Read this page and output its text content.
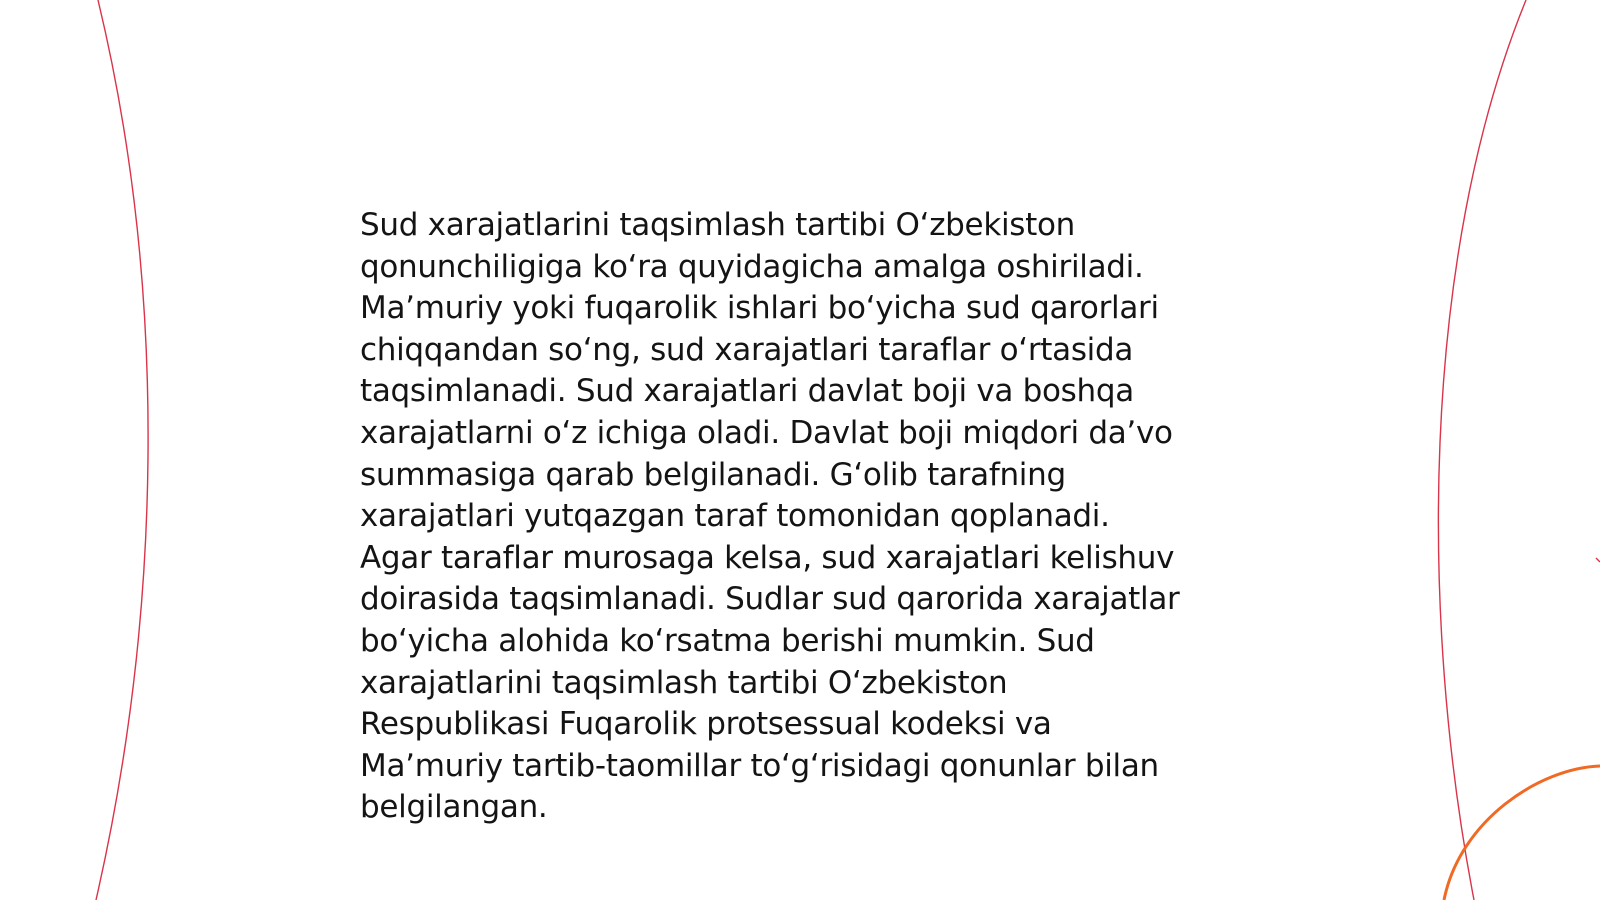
Sud xarajatlarini taqsimlash tartibi O‘zbekiston
qonunchiligiga ko‘ra quyidagicha amalga oshiriladi.
Ma’muriy yoki fuqarolik ishlari bo‘yicha sud qarorlari
chiqqandan so‘ng, sud xarajatlari taraflar o‘rtasida
taqsimlanadi. Sud xarajatlari davlat boji va boshqa
xarajatlarni o‘z ichiga oladi. Davlat boji miqdori da’vo
summasiga qarab belgilanadi. G‘olib tarafning
xarajatlari yutqazgan taraf tomonidan qoplanadi.
Agar taraflar murosaga kelsa, sud xarajatlari kelishuv
doirasida taqsimlanadi. Sudlar sud qarorida xarajatlar
bo‘yicha alohida ko‘rsatma berishi mumkin. Sud
xarajatlarini taqsimlash tartibi O‘zbekiston
Respublikasi Fuqarolik protsessual kodeksi va
Ma’muriy tartib-taomillar to‘g‘risidagi qonunlar bilan
belgilangan.
